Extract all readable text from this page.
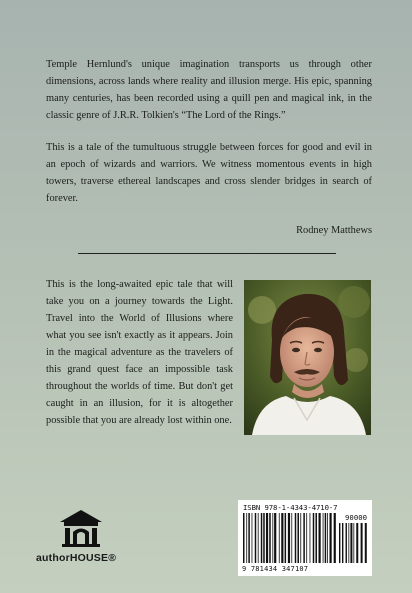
Temple Hernlund's unique imagination transports us through other dimensions, across lands where reality and illusion merge. His epic, spanning many centuries, has been recorded using a quill pen and magical ink, in the classic genre of J.R.R. Tolkien's “The Lord of the Rings.”

This is a tale of the tumultuous struggle between forces for good and evil in an epoch of wizards and warriors. We witness momentous events in high towers, traverse ethereal landscapes and cross slender bridges in search of forever.

Rodney Matthews
This is the long-awaited epic tale that will take you on a journey towards the Light. Travel into the World of Illusions where what you see isn't exactly as it appears. Join in the magical adventure as the travelers of this grand quest face an impossible task throughout the worlds of time. But don't get caught in an illusion, for it is altogether possible that you are already lost within one.
authorHOUSE®
ISBN 978-1-4343-4710-7
90000
9 781434 347107
